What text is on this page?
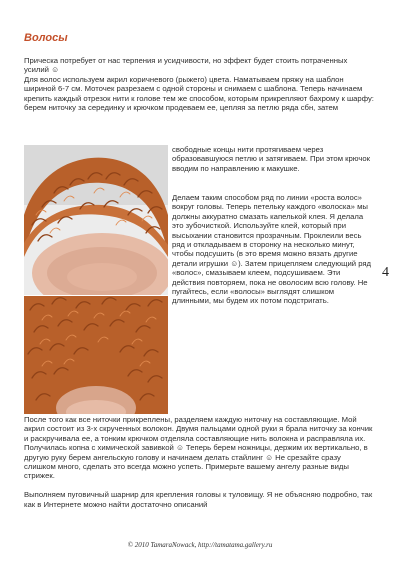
Волосы

Прическа потребует от нас терпения и усидчивости, но эффект будет стоить потраченных усилий ☺

Для волос используем акрил коричневого (рыжего) цвета. Наматываем пряжу на шаблон шириной 6-7 см. Моточек разрезаем с одной стороны и снимаем с шаблона. Теперь начинаем крепить каждый отрезок нити к голове тем же способом, которым прикрепляют бахрому к шарфу: берем ниточку за серединку и крючком продеваем ее, цепляя за петлю ряда сбн, затем

свободные концы нити протягиваем через образовавшуюся петлю и затягиваем. При этом крючок вводим по направлению к макушке.
Делаем таким способом ряд по линии «роста волос» вокруг головы. Теперь петельку каждого «волоска» мы должны аккуратно смазать капелькой клея. Я делала это зубочисткой. Используйте клей, который при высыхании становится прозрачным. Проклеили весь ряд и откладываем в сторонку на несколько минут, чтобы подсушить (в это время можно вязать другие детали игрушки ☺). Затем прицепляем следующий ряд «волос», смазываем клеем, подсушиваем. Эти действия повторяем, пока не оволосим всю голову. Не пугайтесь, если «волосы» выглядят слишком длинными, мы будем их потом подстригать.

После того как все ниточки прикреплены, разделяем каждую ниточку на составляющие. Мой акрил состоит из 3-х скрученных волокон. Двумя пальцами одной руки я брала ниточку за кончик и раскручивала ее, а тонким крючком отделяла составляющие нить волокна и расправляла их. Получилась копна с химической завивкой ☺ Теперь берем ножницы, держим их вертикально, в другую руку берем ангельскую голову и начинаем делать стайлинг ☺ Не срезайте сразу слишком много, сделать это всегда можно успеть. Примерьте вашему ангелу разные виды стрижек.

Выполняем пуговичный шарнир для крепления головы к туловищу. Я не объясняю подробно, так как в Интернете можно найти достаточно описаний

4
© 2010 TamaraNowack, http://tamatama.gallery.ru
